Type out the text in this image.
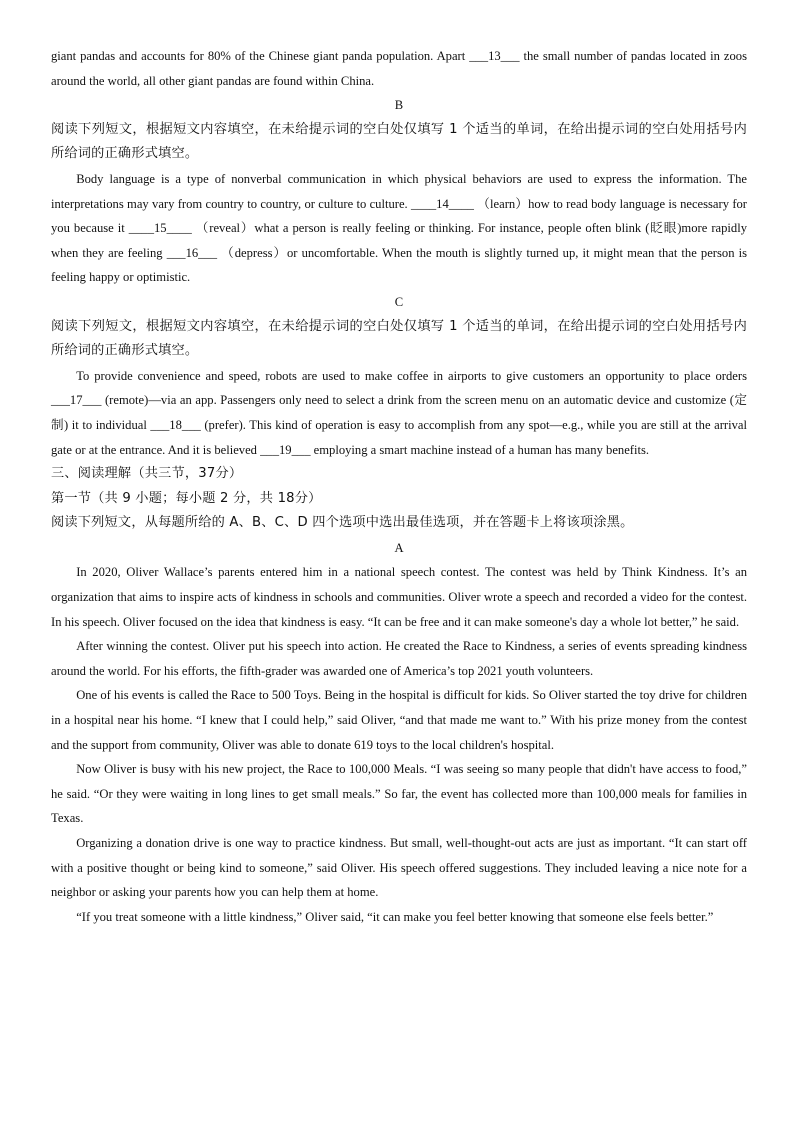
giant pandas and accounts for 80% of the Chinese giant panda population. Apart ___13___ the small number of pandas located in zoos around the world, all other giant pandas are found within China.

B

阅读下列短文，根据短文内容填空，在未给提示词的空白处仅填写 1 个适当的单词，在给出提示词的空白处用括号内所给词的正确形式填空。

Body language is a type of nonverbal communication in which physical behaviors are used to express the information. The interpretations may vary from country to country, or culture to culture. ____14____ （learn）how to read body language is necessary for you because it ____15____ （reveal）what a person is really feeling or thinking. For instance, people often blink (眨眼)more rapidly when they are feeling ___16___ （depress）or uncomfortable. When the mouth is slightly turned up, it might mean that the person is feeling happy or optimistic.

C

阅读下列短文，根据短文内容填空，在未给提示词的空白处仅填写 1 个适当的单词，在给出提示词的空白处用括号内所给词的正确形式填空。

To provide convenience and speed, robots are used to make coffee in airports to give customers an opportunity to place orders ___17___ (remote)—via an app. Passengers only need to select a drink from the screen menu on an automatic device and customize (定制) it to individual ___18___ (prefer). This kind of operation is easy to accomplish from any spot—e.g., while you are still at the arrival gate or at the entrance. And it is believed ___19___ employing a smart machine instead of a human has many benefits.

三、阅读理解（共三节，37分）

第一节（共 9 小题；每小题 2 分，共 18分）

阅读下列短文，从每题所给的 A、B、C、D 四个选项中选出最佳选项，并在答题卡上将该项涂黑。

A

In 2020, Oliver Wallace’s parents entered him in a national speech contest. The contest was held by Think Kindness. It’s an organization that aims to inspire acts of kindness in schools and communities. Oliver wrote a speech and recorded a video for the contest. In his speech. Oliver focused on the idea that kindness is easy. “It can be free and it can make someone's day a whole lot better,” he said.

After winning the contest. Oliver put his speech into action. He created the Race to Kindness, a series of events spreading kindness around the world. For his efforts, the fifth-grader was awarded one of America’s top 2021 youth volunteers.

One of his events is called the Race to 500 Toys. Being in the hospital is difficult for kids. So Oliver started the toy drive for children in a hospital near his home. “I knew that I could help,” said Oliver, “and that made me want to.” With his prize money from the contest and the support from community, Oliver was able to donate 619 toys to the local children's hospital.

Now Oliver is busy with his new project, the Race to 100,000 Meals. “I was seeing so many people that didn't have access to food,” he said. “Or they were waiting in long lines to get small meals.” So far, the event has collected more than 100,000 meals for families in Texas.

Organizing a donation drive is one way to practice kindness. But small, well-thought-out acts are just as important. “It can start off with a positive thought or being kind to someone,” said Oliver. His speech offered suggestions. They included leaving a nice note for a neighbor or asking your parents how you can help them at home.

“If you treat someone with a little kindness,” Oliver said, “it can make you feel better knowing that someone else feels better.”
